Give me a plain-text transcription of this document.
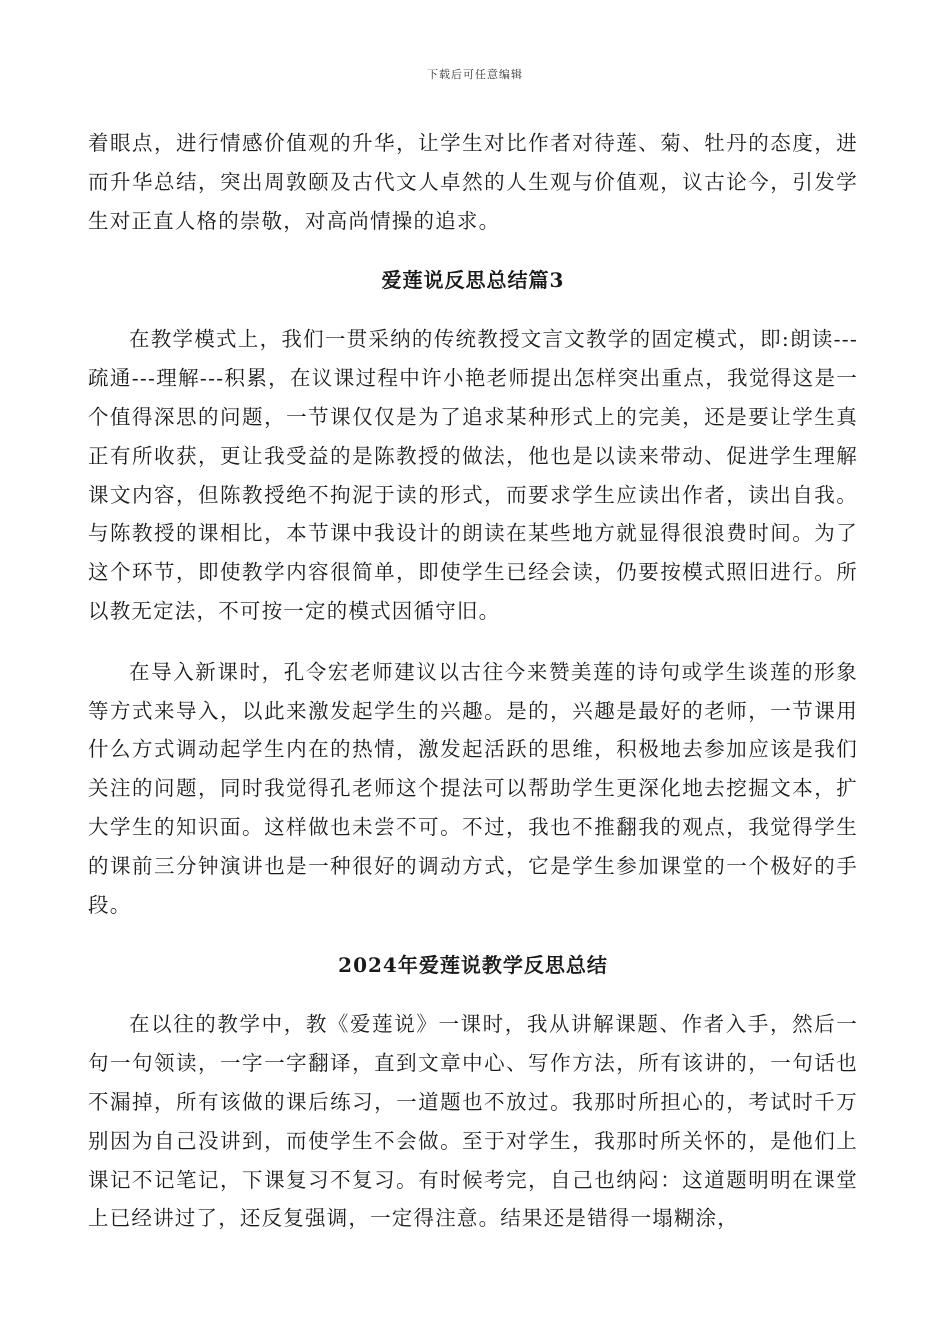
下载后可任意编辑

着眼点，进行情感价值观的升华，让学生对比作者对待莲、菊、牡丹的态度，进而升华总结，突出周敦颐及古代文人卓然的人生观与价值观，议古论今，引发学生对正直人格的崇敬，对高尚情操的追求。

爱莲说反思总结篇3

在教学模式上，我们一贯采纳的传统教授文言文教学的固定模式，即:朗读---疏通---理解---积累，在议课过程中许小艳老师提出怎样突出重点，我觉得这是一个值得深思的问题，一节课仅仅是为了追求某种形式上的完美，还是要让学生真正有所收获，更让我受益的是陈教授的做法，他也是以读来带动、促进学生理解课文内容，但陈教授绝不拘泥于读的形式，而要求学生应读出作者，读出自我。与陈教授的课相比，本节课中我设计的朗读在某些地方就显得很浪费时间。为了这个环节，即使教学内容很简单，即使学生已经会读，仍要按模式照旧进行。所以教无定法，不可按一定的模式因循守旧。

在导入新课时，孔令宏老师建议以古往今来赞美莲的诗句或学生谈莲的形象等方式来导入，以此来激发起学生的兴趣。是的，兴趣是最好的老师，一节课用什么方式调动起学生内在的热情，激发起活跃的思维，积极地去参加应该是我们关注的问题，同时我觉得孔老师这个提法可以帮助学生更深化地去挖掘文本，扩大学生的知识面。这样做也未尝不可。不过，我也不推翻我的观点，我觉得学生的课前三分钟演讲也是一种很好的调动方式，它是学生参加课堂的一个极好的手段。

2024年爱莲说教学反思总结

在以往的教学中，教《爱莲说》一课时，我从讲解课题、作者入手，然后一句一句领读，一字一字翻译，直到文章中心、写作方法，所有该讲的，一句话也不漏掉，所有该做的课后练习，一道题也不放过。我那时所担心的，考试时千万别因为自己没讲到，而使学生不会做。至于对学生，我那时所关怀的，是他们上课记不记笔记，下课复习不复习。有时候考完，自己也纳闷：这道题明明在课堂上已经讲过了，还反复强调，一定得注意。结果还是错得一塌糊涂，
